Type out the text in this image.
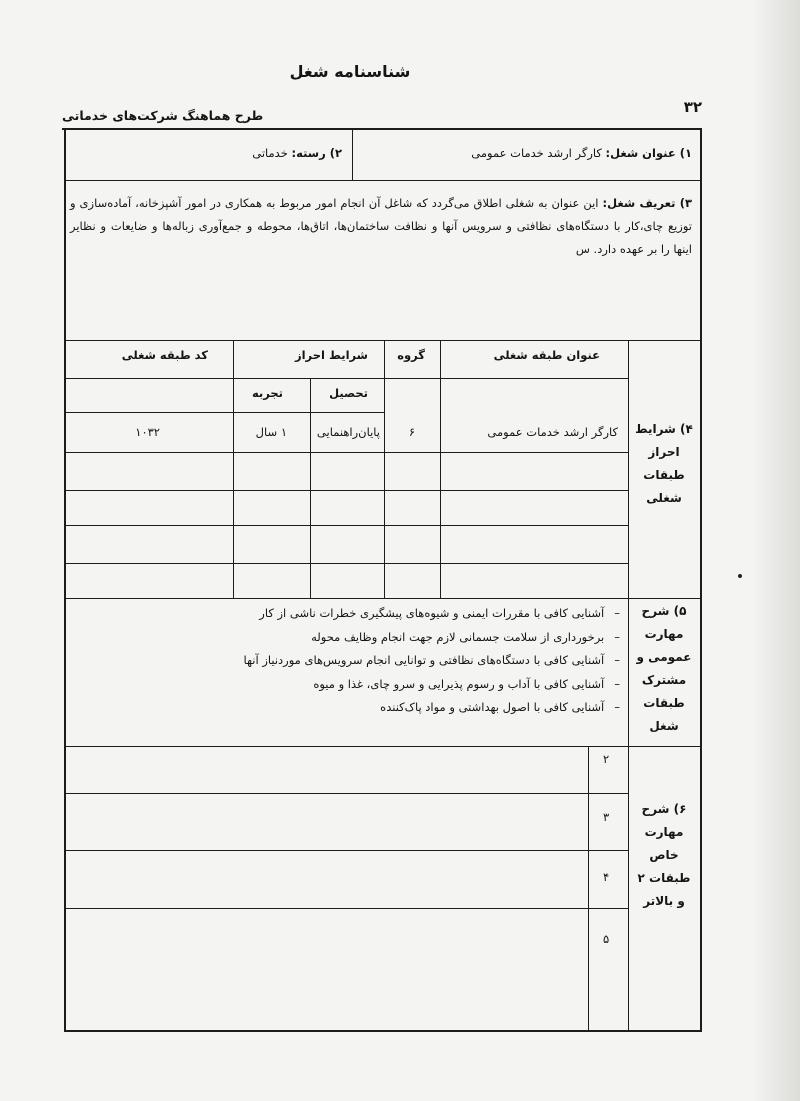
شناسنامه شغل
۳۲
طرح هماهنگ شرکت‌های خدماتی
۱) عنوان شغل: کارگر ارشد خدمات عمومی
۲) رسته: خدماتی
۳) تعریف شغل: این عنوان به شغلی اطلاق می‌گردد که شاغل آن انجام امور مربوط به همکاری در امور آشپزخانه، آماده‌سازی و توزیع چای،کار با دستگاه‌های نظافتی و سرویس آنها و نظافت ساختمان‌ها، اتاق‌ها، محوطه و جمع‌آوری زباله‌ها و ضایعات و نظایر اینها را بر عهده دارد. س
۴) شرایط
احراز
طبقات
شغلی
عنوان طبقه شغلی
گروه
شرایط احراز
تحصیل
تجربه
کد طبقه شغلی
کارگر ارشد خدمات عمومی
۶
پایان‌راهنمایی
۱ سال
۱۰۳۲
۵) شرح
مهارت
عمومی و
مشترک
طبقات
شغل
–آشنایی کافی با مقررات ایمنی و شیوه‌های پیشگیری خطرات ناشی از کار
–برخورداری از سلامت جسمانی لازم جهت انجام وظایف محوله
–آشنایی کافی با دستگاه‌های نظافتی و توانایی انجام سرویس‌های موردنیاز آنها
–آشنایی کافی با آداب و رسوم پذیرایی و سرو چای، غذا و میوه
–آشنایی کافی با اصول بهداشتی و مواد پاک‌کننده
۶) شرح
مهارت
خاص
طبقات ۲
و بالاتر
۲
۳
۴
۵
